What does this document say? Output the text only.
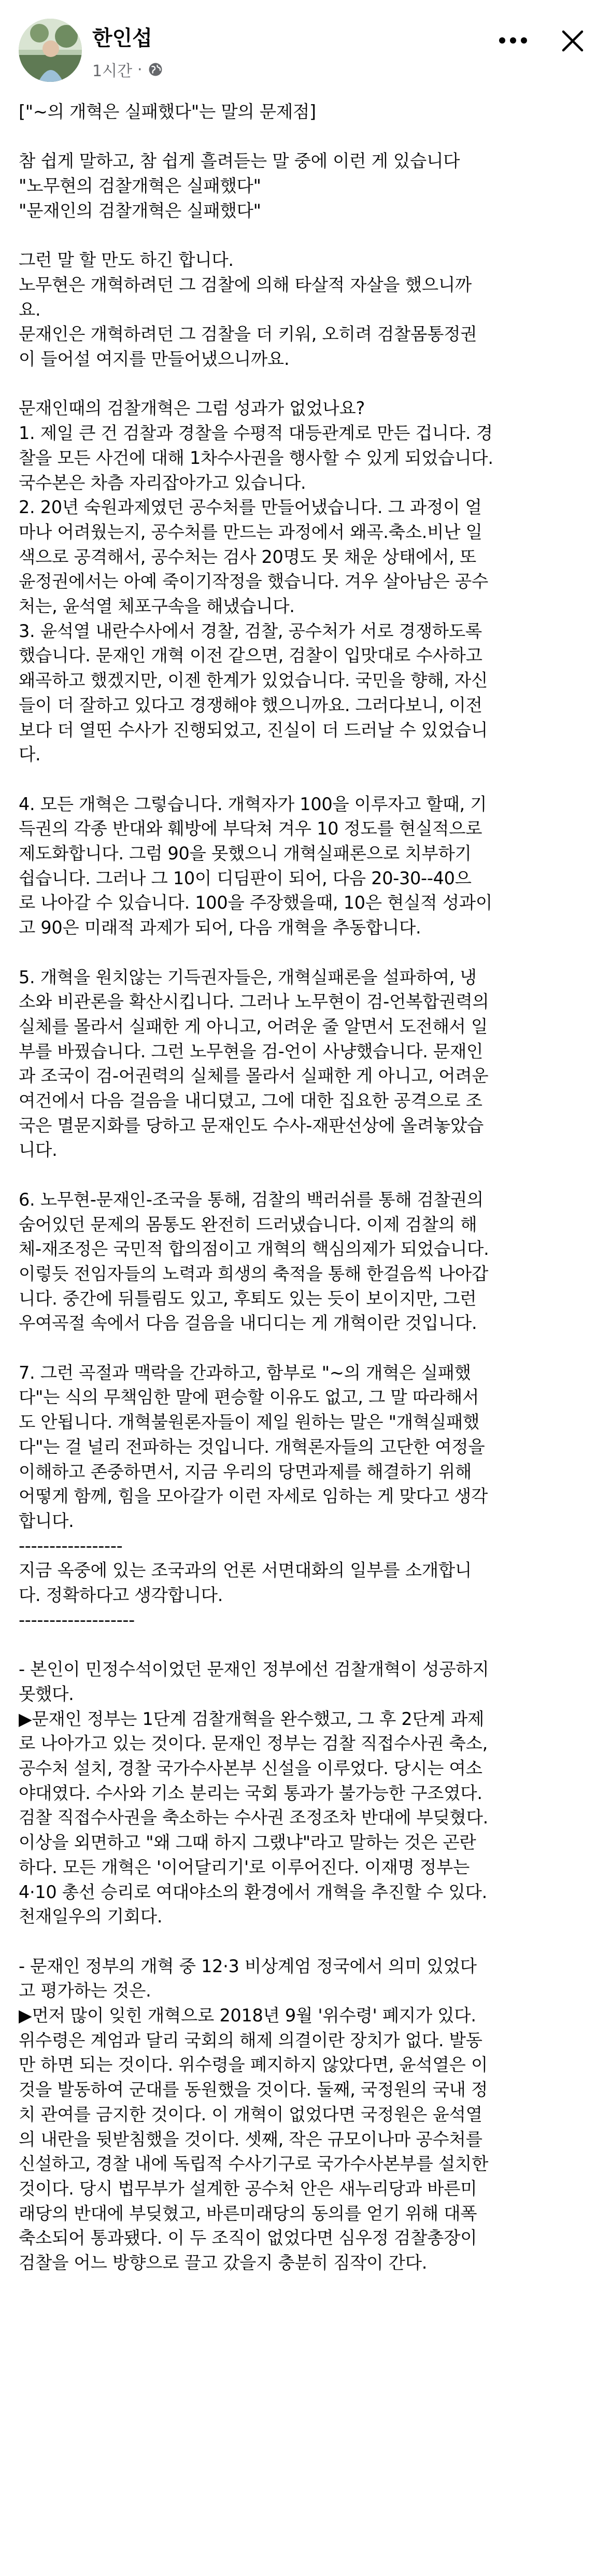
한인섭
1시간 ·

["~의 개혁은 실패했다"는 말의 문제점]

참 쉽게 말하고, 참 쉽게 흘려듣는 말 중에 이런 게 있습니다

"노무현의 검찰개혁은 실패했다"

"문재인의 검찰개혁은 실패했다"

그런 말 할 만도 하긴 합니다.

노무현은 개혁하려던 그 검찰에 의해 타살적 자살을 했으니까

요.

문재인은 개혁하려던 그 검찰을 더 키워, 오히려 검찰몸통정권

이 들어설 여지를 만들어냈으니까요.

문재인때의 검찰개혁은 그럼 성과가 없었나요?

1. 제일 큰 건 검찰과 경찰을 수평적 대등관계로 만든 겁니다. 경

찰을 모든 사건에 대해 1차수사권을 행사할 수 있게 되었습니다.

국수본은 차츰 자리잡아가고 있습니다.

2. 20년 숙원과제였던 공수처를 만들어냈습니다. 그 과정이 얼

마나 어려웠는지, 공수처를 만드는 과정에서 왜곡.축소.비난 일

색으로 공격해서, 공수처는 검사 20명도 못 채운 상태에서, 또

윤정권에서는 아예 죽이기작정을 했습니다. 겨우 살아남은 공수

처는, 윤석열 체포구속을 해냈습니다.

3. 윤석열 내란수사에서 경찰, 검찰, 공수처가 서로 경쟁하도록

했습니다. 문재인 개혁 이전 같으면, 검찰이 입맛대로 수사하고

왜곡하고 했겠지만, 이젠 한계가 있었습니다. 국민을 향해, 자신

들이 더 잘하고 있다고 경쟁해야 했으니까요. 그러다보니, 이전

보다 더 열띤 수사가 진행되었고, 진실이 더 드러날 수 있었습니

다.

4. 모든 개혁은 그렇습니다. 개혁자가 100을 이루자고 할때, 기

득권의 각종 반대와 훼방에 부닥쳐 겨우 10 정도를 현실적으로

제도화합니다. 그럼 90을 못했으니 개혁실패론으로 치부하기

쉽습니다. 그러나 그 10이 디딤판이 되어, 다음 20-30--40으

로 나아갈 수 있습니다. 100을 주장했을때, 10은 현실적 성과이

고 90은 미래적 과제가 되어, 다음 개혁을 추동합니다.

5. 개혁을 원치않는 기득권자들은, 개혁실패론을 설파하여, 냉

소와 비관론을 확산시킵니다. 그러나 노무현이 검-언복합권력의

실체를 몰라서 실패한 게 아니고, 어려운 줄 알면서 도전해서 일

부를 바꿨습니다. 그런 노무현을 검-언이 사냥했습니다. 문재인

과 조국이 검-어권력의 실체를 몰라서 실패한 게 아니고, 어려운

여건에서 다음 걸음을 내디뎠고, 그에 대한 집요한 공격으로 조

국은 멸문지화를 당하고 문재인도 수사-재판선상에 올려놓았습

니다.

6. 노무현-문재인-조국을 통해, 검찰의 백러쉬를 통해 검찰권의

숨어있던 문제의 몸통도 완전히 드러냈습니다. 이제 검찰의 해

체-재조정은 국민적 합의점이고 개혁의 핵심의제가 되었습니다.

이렇듯 전임자들의 노력과 희생의 축적을 통해 한걸음씩 나아갑

니다. 중간에 뒤틀림도 있고, 후퇴도 있는 듯이 보이지만, 그런

우여곡절 속에서 다음 걸음을 내디디는 게 개혁이란 것입니다.

7. 그런 곡절과 맥락을 간과하고, 함부로 "~의 개혁은 실패했

다"는 식의 무책임한 말에 편승할 이유도 없고, 그 말 따라해서

도 안됩니다. 개혁불원론자들이 제일 원하는 말은 "개혁실패했

다"는 걸 널리 전파하는 것입니다. 개혁론자들의 고단한 여정을

이해하고 존중하면서, 지금 우리의 당면과제를 해결하기 위해

어떻게 함께, 힘을 모아갈가 이런 자세로 임하는 게 맞다고 생각

합니다.

-----------------

지금 옥중에 있는 조국과의 언론 서면대화의 일부를 소개합니

다. 정확하다고 생각합니다.

-------------------

- 본인이 민정수석이었던 문재인 정부에선 검찰개혁이 성공하지

못했다.

▶문재인 정부는 1단계 검찰개혁을 완수했고, 그 후 2단계 과제

로 나아가고 있는 것이다. 문재인 정부는 검찰 직접수사권 축소,

공수처 설치, 경찰 국가수사본부 신설을 이루었다. 당시는 여소

야대였다. 수사와 기소 분리는 국회 통과가 불가능한 구조였다.

검찰 직접수사권을 축소하는 수사권 조정조차 반대에 부딪혔다.

이상을 외면하고 "왜 그때 하지 그랬냐"라고 말하는 것은 곤란

하다. 모든 개혁은 '이어달리기'로 이루어진다. 이재명 정부는

4·10 총선 승리로 여대야소의 환경에서 개혁을 추진할 수 있다.

천재일우의 기회다.

- 문재인 정부의 개혁 중 12·3 비상계엄 정국에서 의미 있었다

고 평가하는 것은.

▶먼저 많이 잊힌 개혁으로 2018년 9월 '위수령' 폐지가 있다.

위수령은 계엄과 달리 국회의 해제 의결이란 장치가 없다. 발동

만 하면 되는 것이다. 위수령을 폐지하지 않았다면, 윤석열은 이

것을 발동하여 군대를 동원했을 것이다. 둘째, 국정원의 국내 정

치 관여를 금지한 것이다. 이 개혁이 없었다면 국정원은 윤석열

의 내란을 뒷받침했을 것이다. 셋째, 작은 규모이나마 공수처를

신설하고, 경찰 내에 독립적 수사기구로 국가수사본부를 설치한

것이다. 당시 법무부가 설계한 공수처 안은 새누리당과 바른미

래당의 반대에 부딪혔고, 바른미래당의 동의를 얻기 위해 대폭

축소되어 통과됐다. 이 두 조직이 없었다면 심우정 검찰총장이

검찰을 어느 방향으로 끌고 갔을지 충분히 짐작이 간다.
